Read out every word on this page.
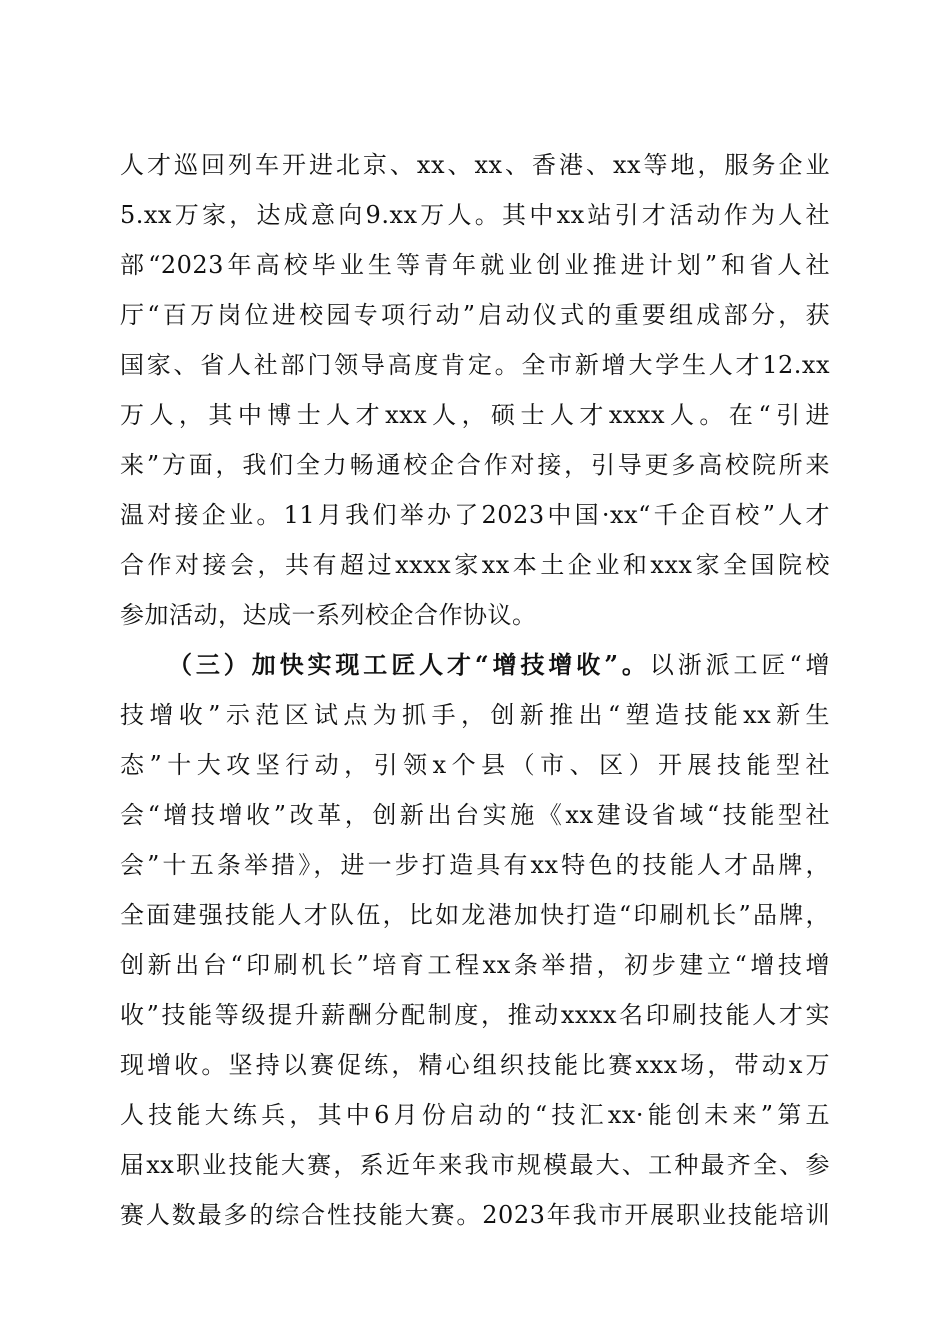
人才巡回列车开进北京、xx、xx、香港、xx等地，服务企业
5.xx万家，达成意向9.xx万人。其中xx站引才活动作为人社
部“2023年高校毕业生等青年就业创业推进计划”和省人社
厅“百万岗位进校园专项行动”启动仪式的重要组成部分，获
国家、省人社部门领导高度肯定。全市新增大学生人才12.xx
万人，其中博士人才xxx人，硕士人才xxxx人。在“引进
来”方面，我们全力畅通校企合作对接，引导更多高校院所来
温对接企业。11月我们举办了2023中国·xx“千企百校”人才
合作对接会，共有超过xxxx家xx本土企业和xxx家全国院校
参加活动，达成一系列校企合作协议。
（三）加快实现工匠人才“增技增收”。以浙派工匠“增
技增收”示范区试点为抓手，创新推出“塑造技能xx新生
态”十大攻坚行动，引领x个县（市、区）开展技能型社
会“增技增收”改革，创新出台实施《xx建设省域“技能型社
会”十五条举措》，进一步打造具有xx特色的技能人才品牌，
全面建强技能人才队伍，比如龙港加快打造“印刷机长”品牌，
创新出台“印刷机长”培育工程xx条举措，初步建立“增技增
收”技能等级提升薪酬分配制度，推动xxxx名印刷技能人才实
现增收。坚持以赛促练，精心组织技能比赛xxx场，带动x万
人技能大练兵，其中6月份启动的“技汇xx·能创未来”第五
届xx职业技能大赛，系近年来我市规模最大、工种最齐全、参
赛人数最多的综合性技能大赛。2023年我市开展职业技能培训
